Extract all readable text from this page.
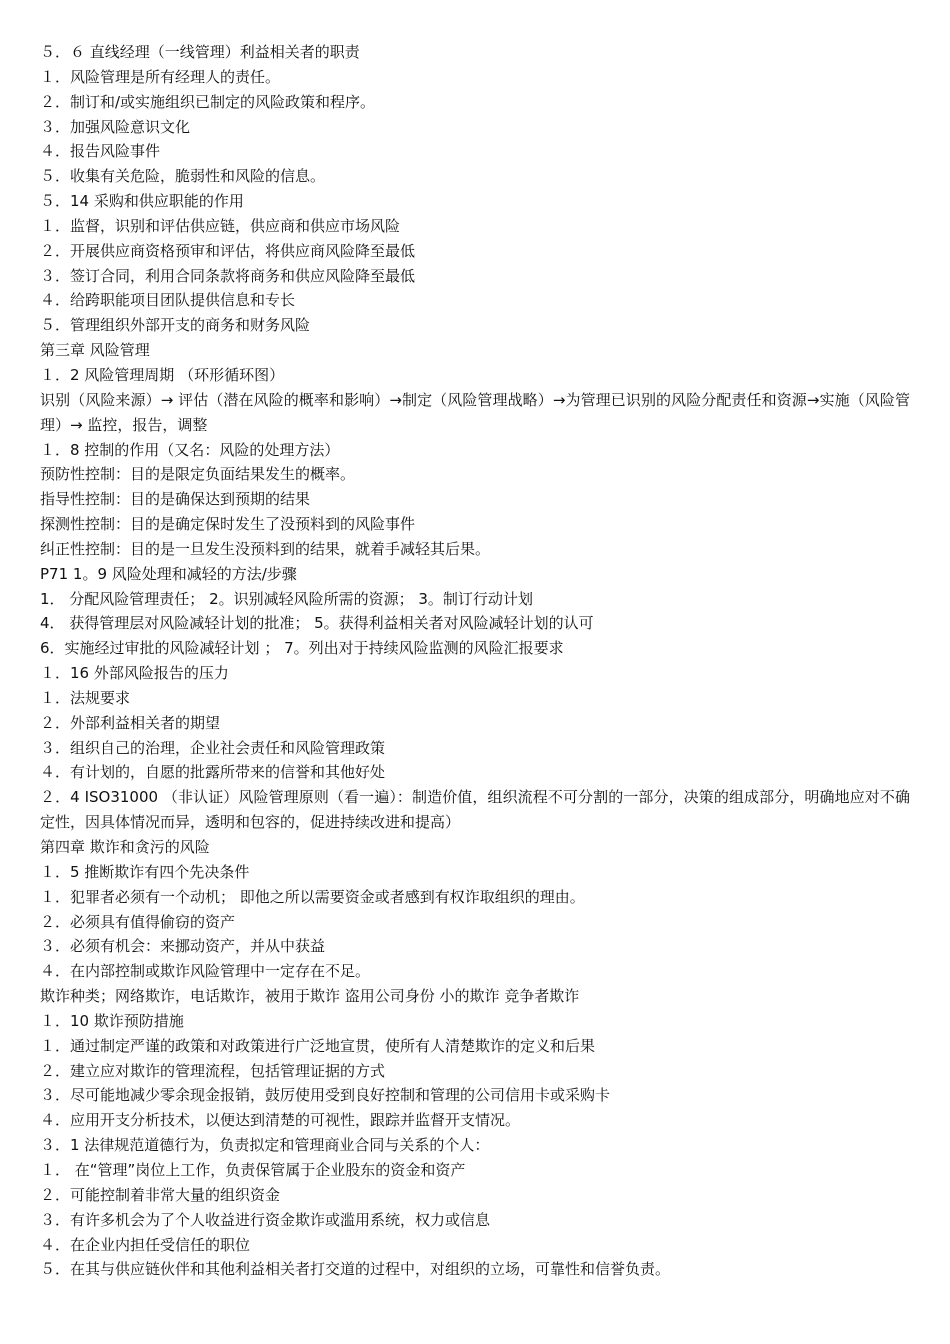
５．６ 直线经理（一线管理）利益相关者的职责
１．风险管理是所有经理人的责任。
２．制订和/或实施组织已制定的风险政策和程序。
３．加强风险意识文化
４．报告风险事件
５．收集有关危险，脆弱性和风险的信息。
５．14 采购和供应职能的作用
１．监督，识别和评估供应链，供应商和供应市场风险
２．开展供应商资格预审和评估，将供应商风险降至最低
３．签订合同，利用合同条款将商务和供应风险降至最低
４．给跨职能项目团队提供信息和专长
５．管理组织外部开支的商务和财务风险
第三章 风险管理
１．2 风险管理周期 （环形循环图）
识别（风险来源）→ 评估（潜在风险的概率和影响）→制定（风险管理战略）→为管理已识别的风险分配责任和资源→实施（风险管理）→ 监控，报告，调整
１．8 控制的作用（又名：风险的处理方法）
预防性控制：目的是限定负面结果发生的概率。
指导性控制：目的是确保达到预期的结果
探测性控制：目的是确定保时发生了没预料到的风险事件
纠正性控制：目的是一旦发生没预料到的结果，就着手减轻其后果。
P71 1。9 风险处理和减轻的方法/步骤
1． 分配风险管理责任； 2。识别减轻风险所需的资源； 3。制订行动计划
4． 获得管理层对风险减轻计划的批准； 5。获得利益相关者对风险减轻计划的认可
6．实施经过审批的风险减轻计划 ； 7。列出对于持续风险监测的风险汇报要求
１．16 外部风险报告的压力
１．法规要求
２．外部利益相关者的期望
３．组织自己的治理，企业社会责任和风险管理政策
４．有计划的，自愿的批露所带来的信誉和其他好处
２．4 ISO31000 （非认证）风险管理原则（看一遍）：制造价值，组织流程不可分割的一部分，决策的组成部分，明确地应对不确定性，因具体情况而异，透明和包容的，促进持续改进和提高）
第四章 欺诈和贪污的风险
１．5 推断欺诈有四个先决条件
１．犯罪者必须有一个动机； 即他之所以需要资金或者感到有权诈取组织的理由。
２．必须具有值得偷窃的资产
３．必须有机会：来挪动资产，并从中获益
４．在内部控制或欺诈风险管理中一定存在不足。
欺诈种类；网络欺诈，电话欺诈，被用于欺诈 盗用公司身份 小的欺诈 竞争者欺诈
１．10 欺诈预防措施
１．通过制定严谨的政策和对政策进行广泛地宣贯，使所有人清楚欺诈的定义和后果
２．建立应对欺诈的管理流程，包括管理证据的方式
３．尽可能地减少零余现金报销，鼓厉使用受到良好控制和管理的公司信用卡或采购卡
４．应用开支分析技术，以便达到清楚的可视性，跟踪并监督开支情况。
３．1 法律规范道德行为，负责拟定和管理商业合同与关系的个人：
１． 在“管理”岗位上工作，负责保管属于企业股东的资金和资产
２．可能控制着非常大量的组织资金
３．有许多机会为了个人收益进行资金欺诈或滥用系统，权力或信息
４．在企业内担任受信任的职位
５．在其与供应链伙伴和其他利益相关者打交道的过程中，对组织的立场，可靠性和信誉负责。
